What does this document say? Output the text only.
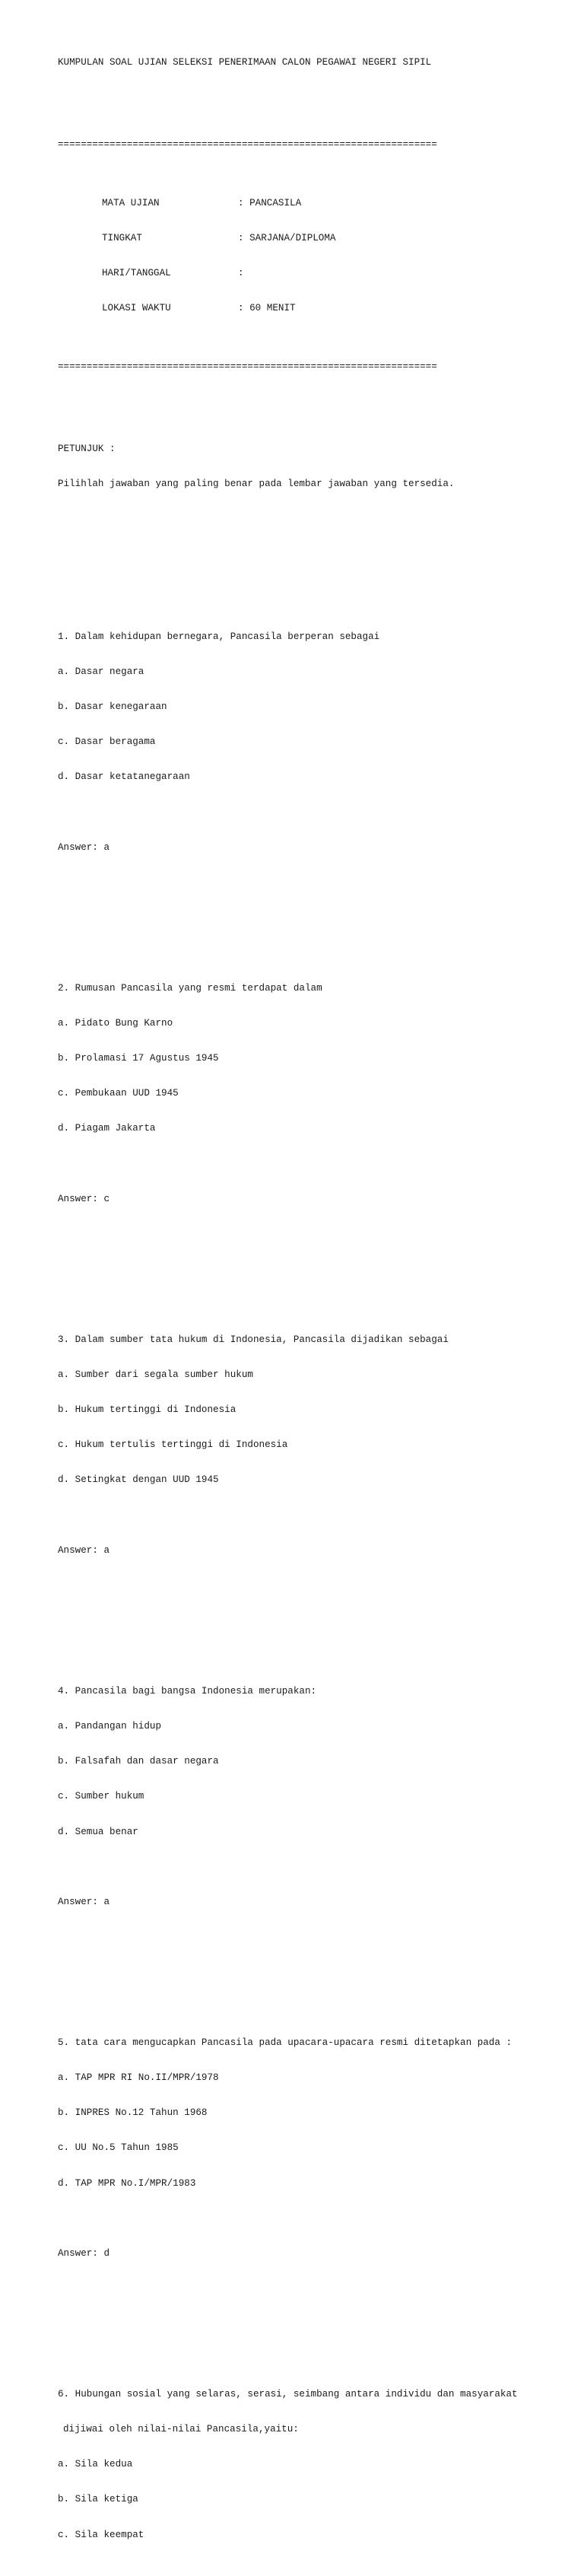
KUMPULAN SOAL UJIAN SELEKSI PENERIMAAN CALON PEGAWAI NEGERI SIPIL

==================================================================

MATA UJIAN	: PANCASILA

TINGKAT	: SARJANA/DIPLOMA

HARI/TANGGAL	:

LOKASI WAKTU	: 60 MENIT

==================================================================

PETUNJUK :

Pilihlah jawaban yang paling benar pada lembar jawaban yang tersedia.

1. Dalam kehidupan bernegara, Pancasila berperan sebagai

a. Dasar negara

b. Dasar kenegaraan

c. Dasar beragama

d. Dasar ketatanegaraan

Answer: a

2. Rumusan Pancasila yang resmi terdapat dalam

a. Pidato Bung Karno

b. Prolamasi 17 Agustus 1945

c. Pembukaan UUD 1945

d. Piagam Jakarta

Answer: c

3. Dalam sumber tata hukum di Indonesia, Pancasila dijadikan sebagai

a. Sumber dari segala sumber hukum

b. Hukum tertinggi di Indonesia

c. Hukum tertulis tertinggi di Indonesia

d. Setingkat dengan UUD 1945

Answer: a

4. Pancasila bagi bangsa Indonesia merupakan:

a. Pandangan hidup

b. Falsafah dan dasar negara

c. Sumber hukum

d. Semua benar

Answer: a

5. tata cara mengucapkan Pancasila pada upacara-upacara resmi ditetapkan pada :

a. TAP MPR RI No.II/MPR/1978

b. INPRES No.12 Tahun 1968

c. UU No.5 Tahun 1985

d. TAP MPR No.I/MPR/1983

Answer: d

6. Hubungan sosial yang selaras, serasi, seimbang antara individu dan masyarakat

dijiwai oleh nilai-nilai Pancasila,yaitu:

a. Sila kedua

b. Sila ketiga

c. Sila keempat
